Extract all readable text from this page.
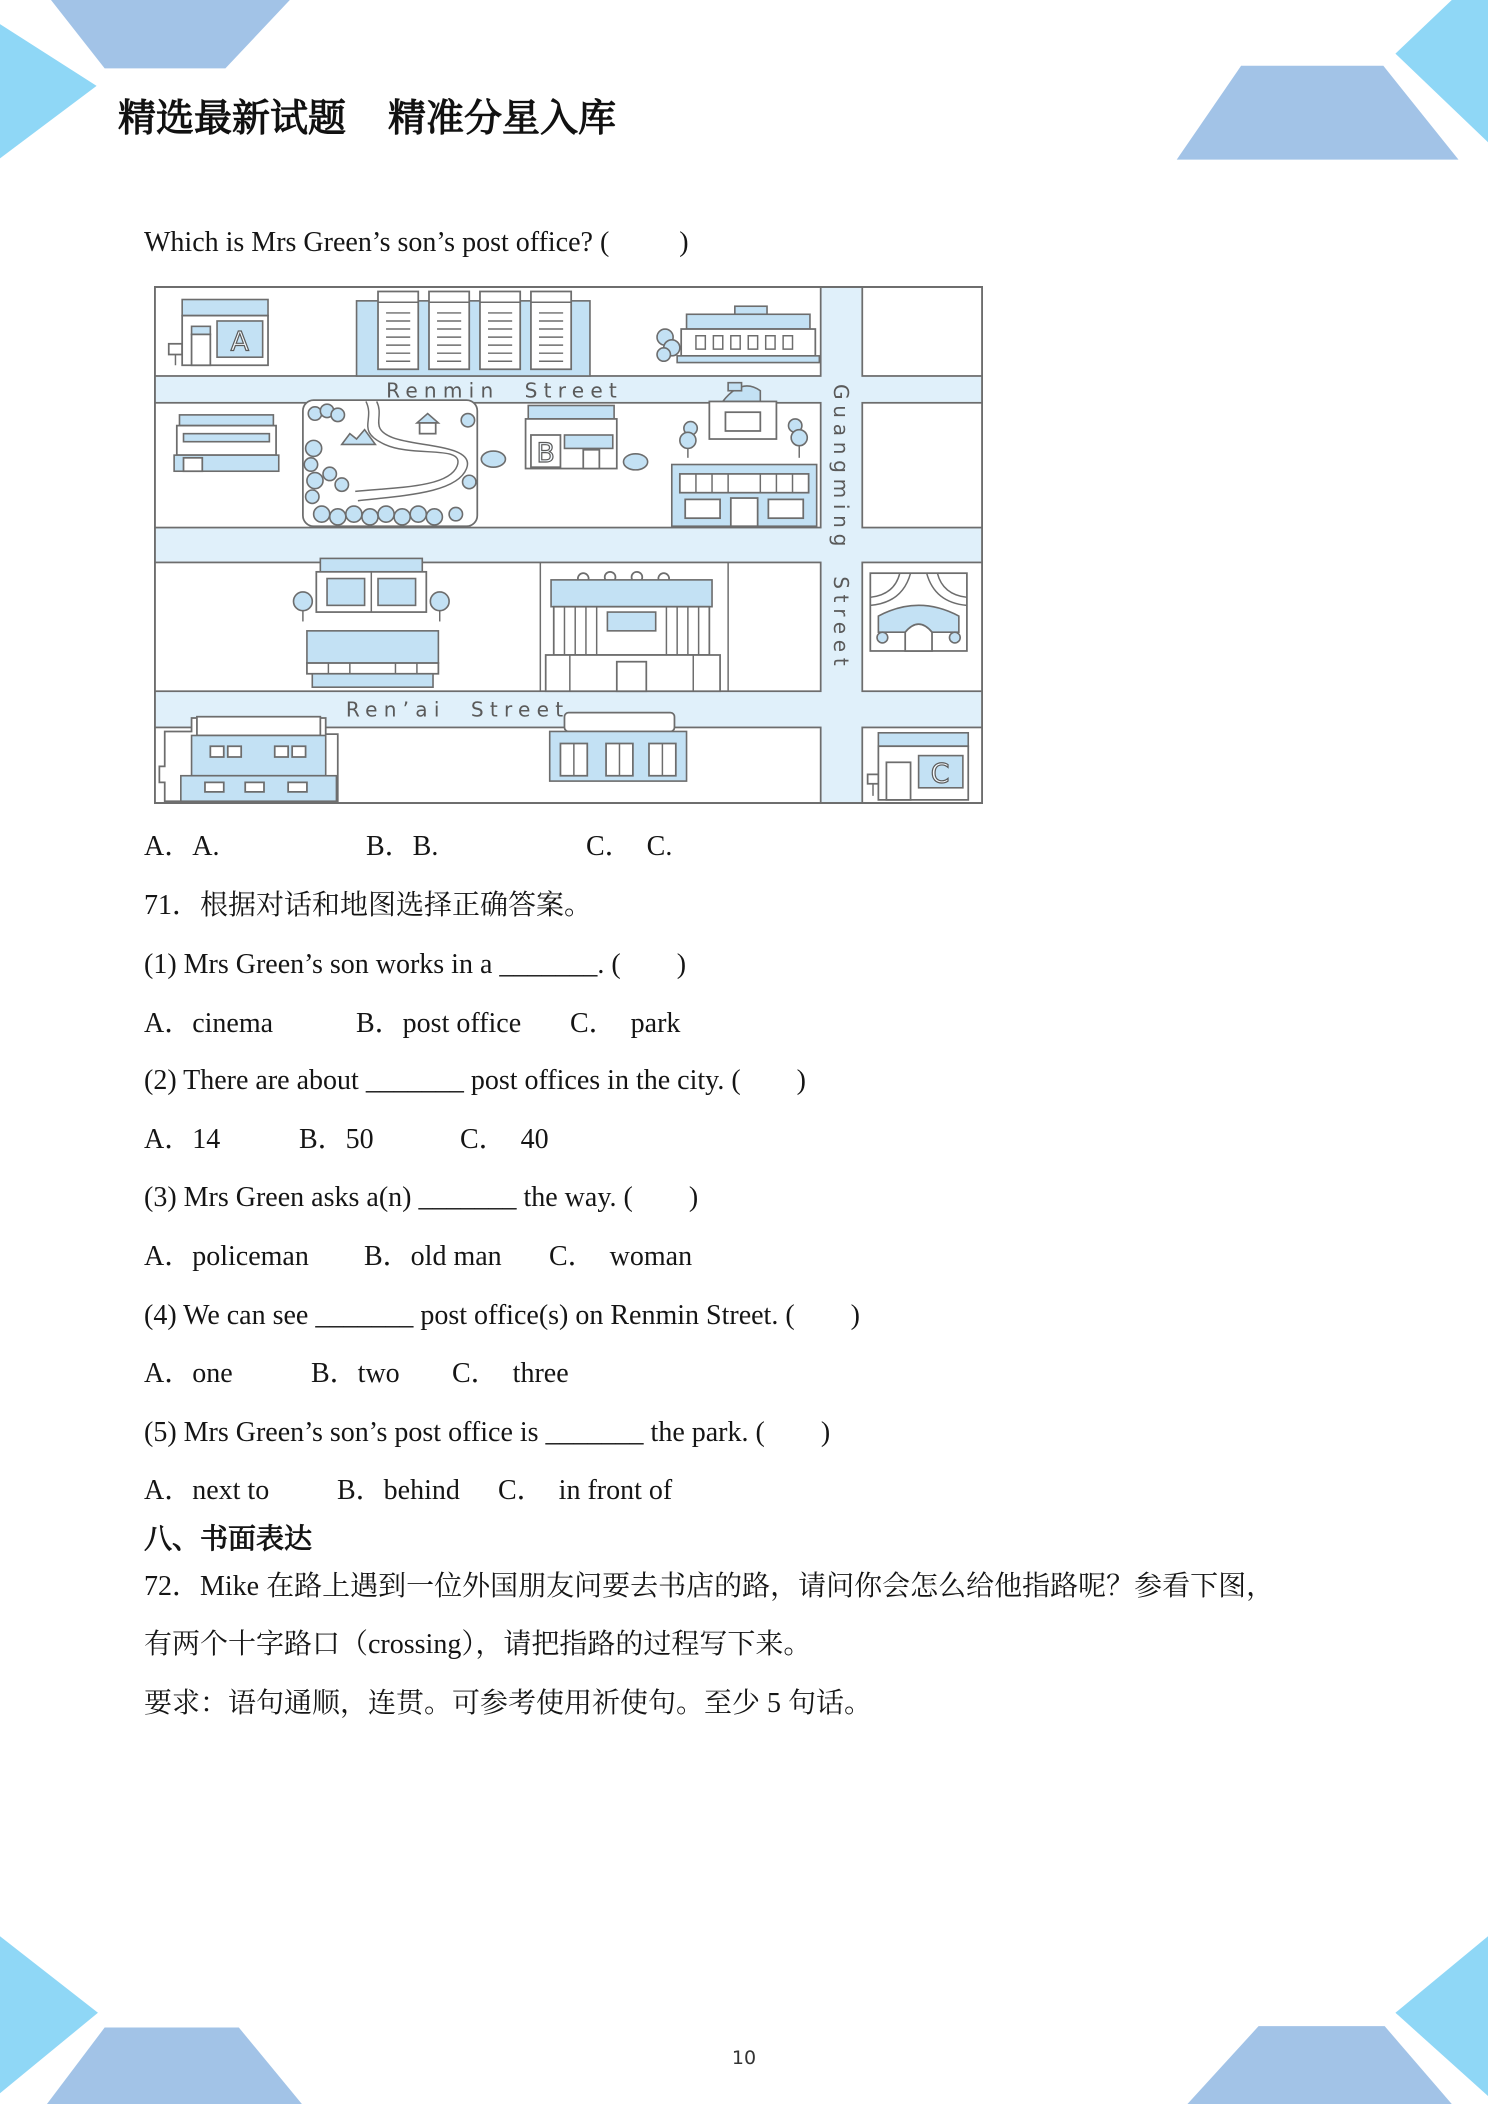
精选最新试题 精准分星入库
Which is Mrs Green’s son’s post office? (          )
A
B
C
Renmin  Street
Ren’ai  Street
Guangming  Street
A．A.	B．B.	C．  C.
71．根据对话和地图选择正确答案。
(1) Mrs Green’s son works in a _______. (        )
A．cinema	B．post office C．  park
(2) There are about _______ post offices in the city. (        )
A．14	B．50	C．  40
(3) Mrs Green asks a(n) _______ the way. (        )
A．policeman B．old man C．  woman
(4) We can see _______ post office(s) on Renmin Street. (        )
A．one	B．two C．  three
(5) Mrs Green’s son’s post office is _______ the park. (        )
A．next to B．behind C．  in front of
八、书面表达
72．Mike 在路上遇到一位外国朋友问要去书店的路，请问你会怎么给他指路呢？参看下图，
有两个十字路口（crossing），请把指路的过程写下来。
要求：语句通顺，连贯。可参考使用祈使句。至少 5 句话。
10
